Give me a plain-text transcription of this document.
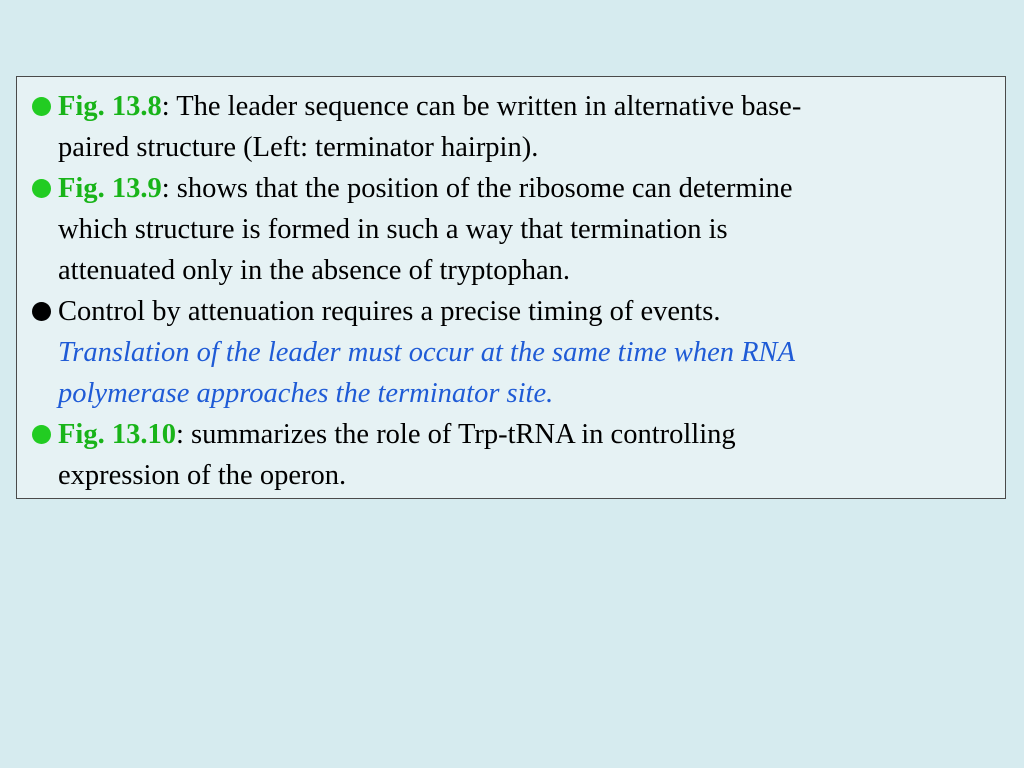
Fig. 13.8: The leader sequence can be written in alternative base-
paired structure (Left: terminator hairpin).
Fig. 13.9: shows that the position of the ribosome can determine
which structure is formed in such a way that termination is
attenuated only in the absence of tryptophan.
Control by attenuation requires a precise timing of events.
Translation of the leader must occur at the same time when RNA
polymerase approaches the terminator site.
Fig. 13.10: summarizes the role of Trp-tRNA in controlling
expression of the operon.
